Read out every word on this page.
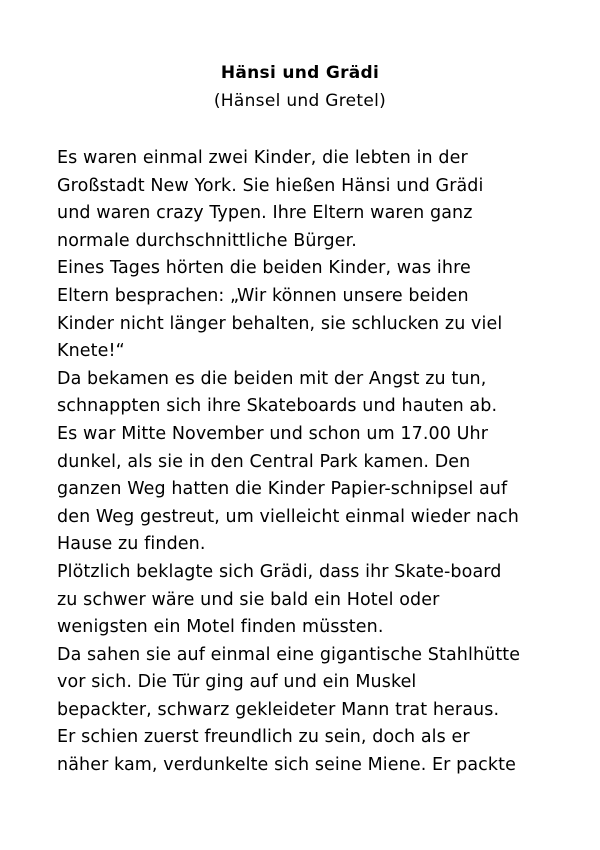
Hänsi und Grädi
(Hänsel und Gretel)
Es waren einmal zwei Kinder, die lebten in der
Großstadt New York. Sie hießen Hänsi und Grädi
und waren crazy Typen. Ihre Eltern waren ganz
normale durchschnittliche Bürger.
Eines Tages hörten die beiden Kinder, was ihre
Eltern besprachen: „Wir können unsere beiden
Kinder nicht länger behalten, sie schlucken zu viel
Knete!“
Da bekamen es die beiden mit der Angst zu tun,
schnappten sich ihre Skateboards und hauten ab.
Es war Mitte November und schon um 17.00 Uhr
dunkel, als sie in den Central Park kamen. Den
ganzen Weg hatten die Kinder Papier-schnipsel auf
den Weg gestreut, um vielleicht einmal wieder nach
Hause zu finden.
Plötzlich beklagte sich Grädi, dass ihr Skate-board
zu schwer wäre und sie bald ein Hotel oder
wenigsten ein Motel finden müssten.
Da sahen sie auf einmal eine gigantische Stahlhütte
vor sich. Die Tür ging auf und ein Muskel
bepackter, schwarz gekleideter Mann trat heraus.
Er schien zuerst freundlich zu sein, doch als er
näher kam, verdunkelte sich seine Miene. Er packte
